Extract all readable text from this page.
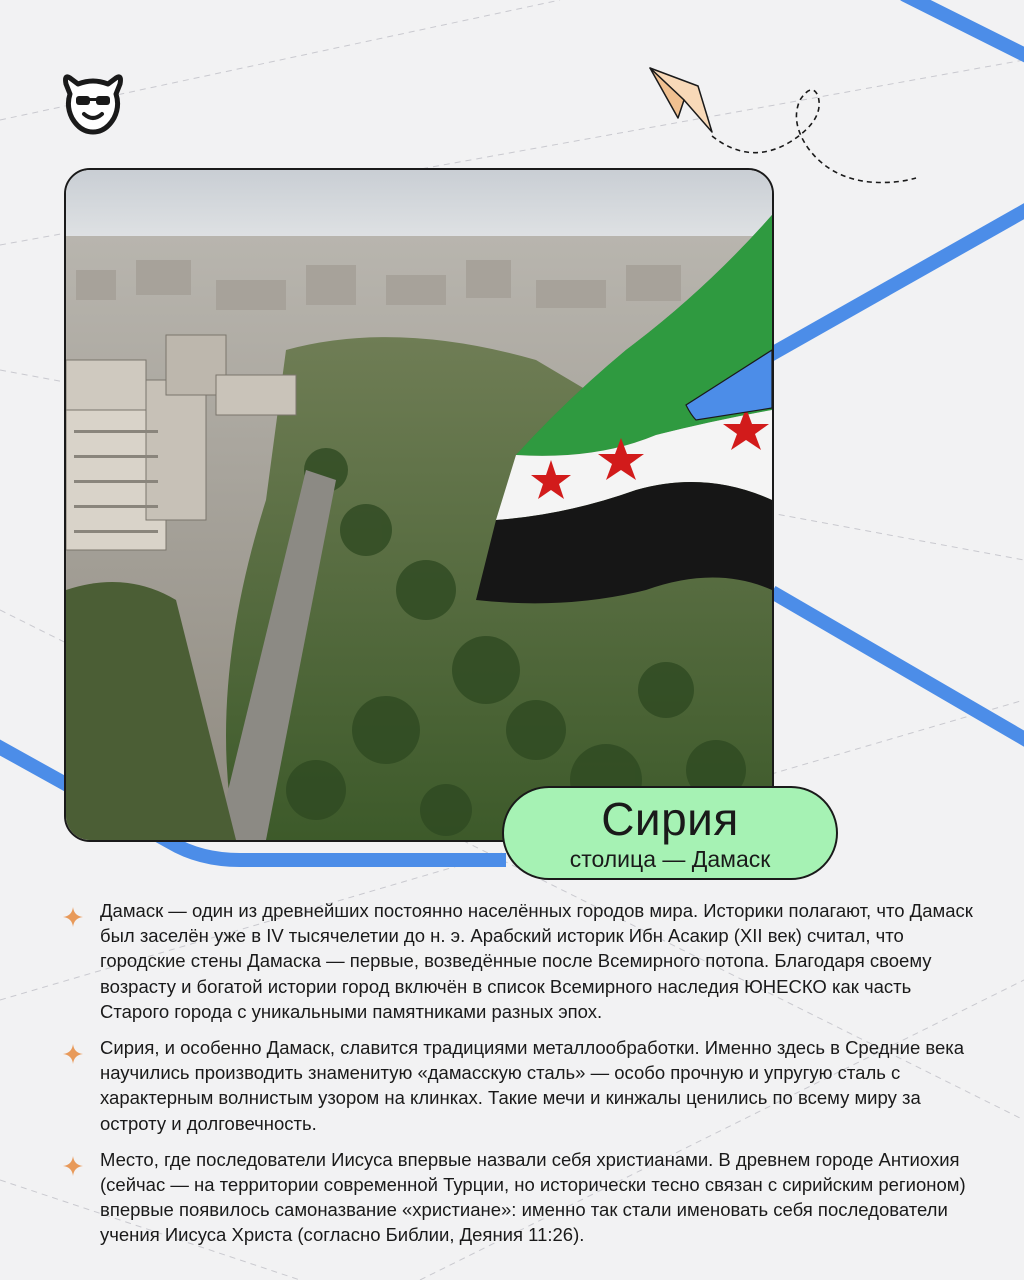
Сирия
столица — Дамаск
Дамаск — один из древнейших постоянно населённых городов мира. Историки полагают, что Дамаск был заселён уже в IV тысячелетии до н. э. Арабский историк Ибн Асакир (XII век) считал, что городские стены Дамаска — первые, возведённые после Всемирного потопа. Благодаря своему возрасту и богатой истории город включён в список Всемирного наследия ЮНЕСКО как часть Старого города с уникальными памятниками разных эпох.
Сирия, и особенно Дамаск, славится традициями металлообработки. Именно здесь в Средние века научились производить знаменитую «дамасскую сталь» — особо прочную и упругую сталь с характерным волнистым узором на клинках. Такие мечи и кинжалы ценились по всему миру за остроту и долговечность.
Место, где последователи Иисуса впервые назвали себя христианами. В древнем городе Антиохия (сейчас — на территории современной Турции, но исторически тесно связан с сирийским регионом) впервые появилось самоназвание «христиане»: именно так стали именовать себя последователи учения Иисуса Христа (согласно Библии, Деяния 11:26).
